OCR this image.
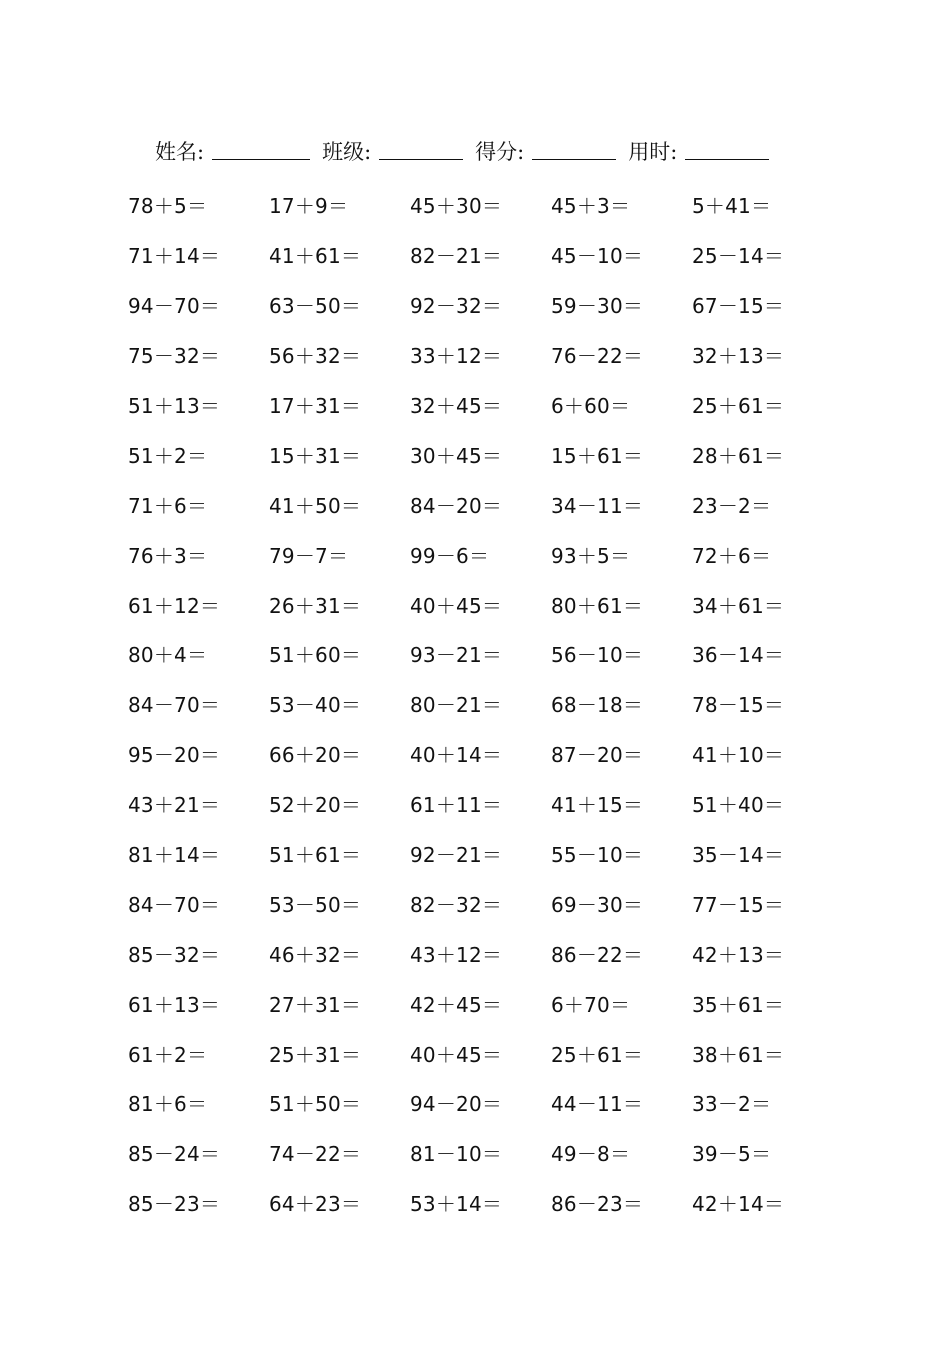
姓名:	班级:	得分:	用时:
78＋5＝	17＋9＝	45＋30＝	45＋3＝	5＋41＝
71＋14＝	41＋61＝	82－21＝	45－10＝	25－14＝
94－70＝	63－50＝	92－32＝	59－30＝	67－15＝
75－32＝	56＋32＝	33＋12＝	76－22＝	32＋13＝
51＋13＝	17＋31＝	32＋45＝	6＋60＝	25＋61＝
51＋2＝	15＋31＝	30＋45＝	15＋61＝	28＋61＝
71＋6＝	41＋50＝	84－20＝	34－11＝	23－2＝
76＋3＝	79－7＝	99－6＝	93＋5＝	72＋6＝
61＋12＝	26＋31＝	40＋45＝	80＋61＝	34＋61＝
80＋4＝	51＋60＝	93－21＝	56－10＝	36－14＝
84－70＝	53－40＝	80－21＝	68－18＝	78－15＝
95－20＝	66＋20＝	40＋14＝	87－20＝	41＋10＝
43＋21＝	52＋20＝	61＋11＝	41＋15＝	51＋40＝
81＋14＝	51＋61＝	92－21＝	55－10＝	35－14＝
84－70＝	53－50＝	82－32＝	69－30＝	77－15＝
85－32＝	46＋32＝	43＋12＝	86－22＝	42＋13＝
61＋13＝	27＋31＝	42＋45＝	6＋70＝	35＋61＝
61＋2＝	25＋31＝	40＋45＝	25＋61＝	38＋61＝
81＋6＝	51＋50＝	94－20＝	44－11＝	33－2＝
85－24＝	74－22＝	81－10＝	49－8＝	39－5＝
85－23＝	64＋23＝	53＋14＝	86－23＝	42＋14＝
